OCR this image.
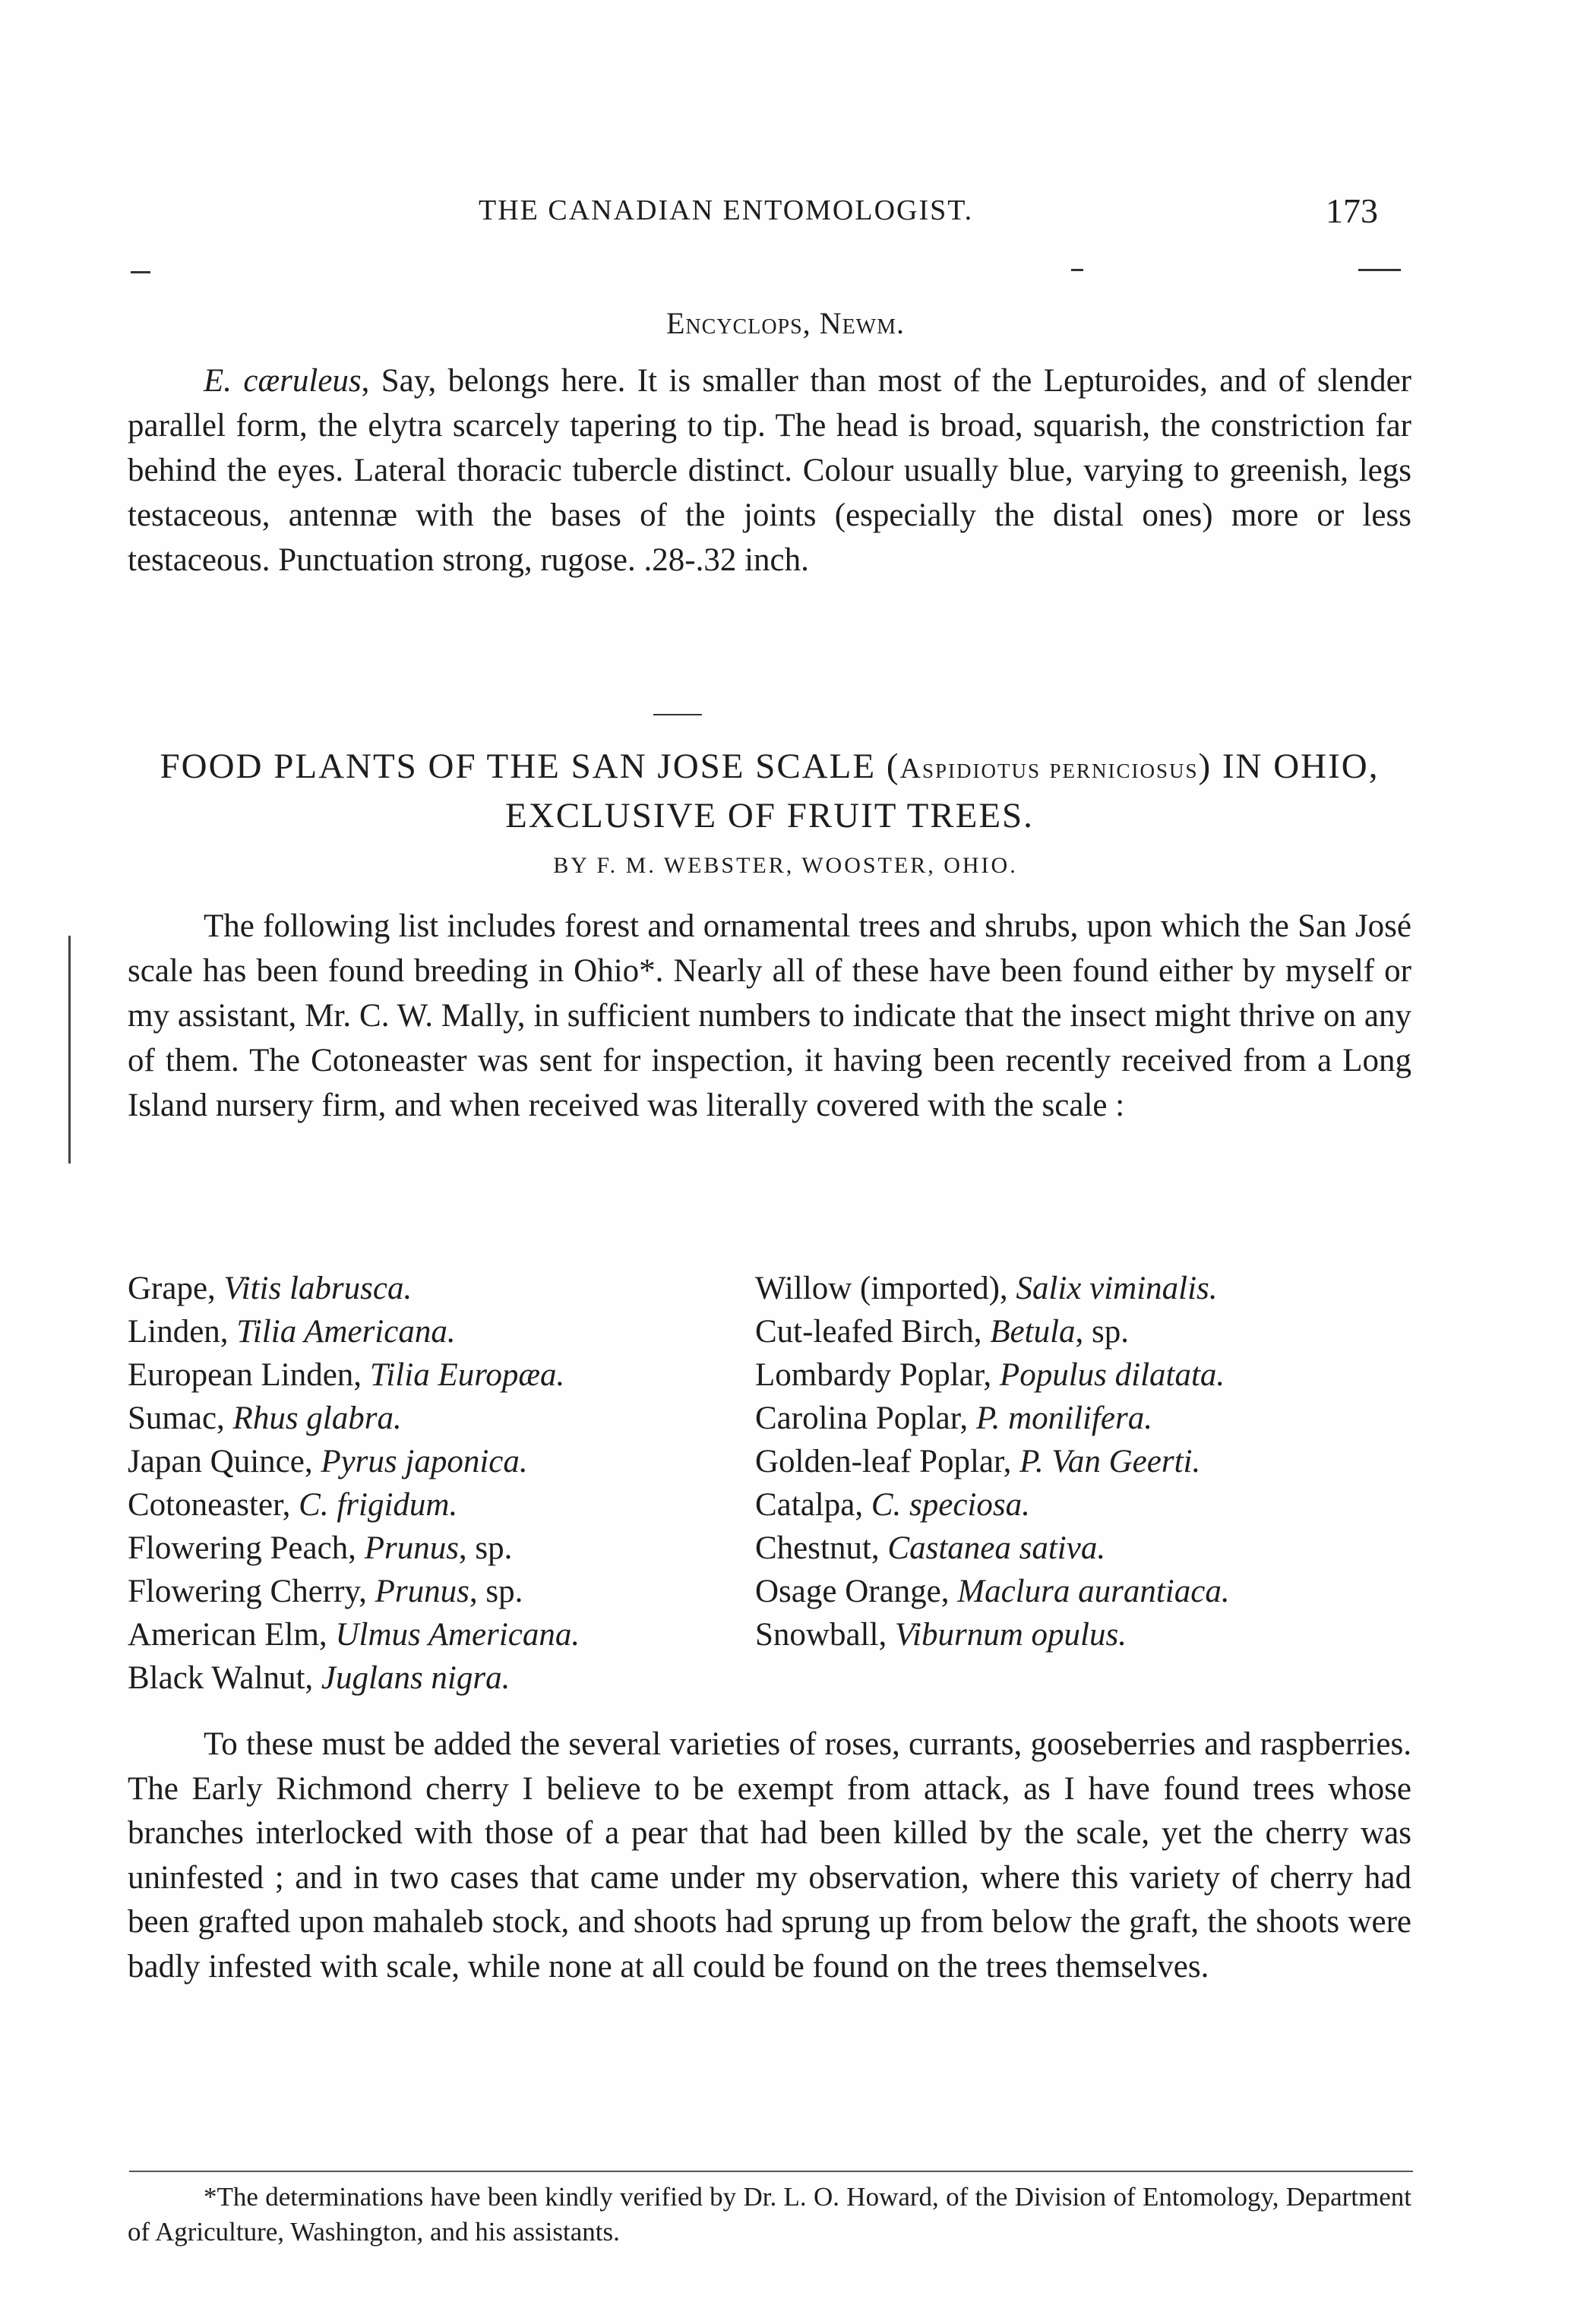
THE CANADIAN ENTOMOLOGIST.	173
Encyclops, Newm.

E. cæruleus, Say, belongs here. It is smaller than most of the Lepturoides, and of slender parallel form, the elytra scarcely tapering to tip. The head is broad, squarish, the constriction far behind the eyes. Lateral thoracic tubercle distinct. Colour usually blue, varying to greenish, legs testaceous, antennæ with the bases of the joints (especially the distal ones) more or less testaceous. Punctuation strong, rugose. .28-.32 inch.

FOOD PLANTS OF THE SAN JOSE SCALE (Aspidiotus perniciosus) IN OHIO, EXCLUSIVE OF FRUIT TREES.
BY F. M. WEBSTER, WOOSTER, OHIO.

The following list includes forest and ornamental trees and shrubs, upon which the San José scale has been found breeding in Ohio*. Nearly all of these have been found either by myself or my assistant, Mr. C. W. Mally, in sufficient numbers to indicate that the insect might thrive on any of them. The Cotoneaster was sent for inspection, it having been recently received from a Long Island nursery firm, and when received was literally covered with the scale :

Grape, Vitis labrusca.
Linden, Tilia Americana.
European Linden, Tilia Europæa.
Sumac, Rhus glabra.
Japan Quince, Pyrus japonica.
Cotoneaster, C. frigidum.
Flowering Peach, Prunus, sp.
Flowering Cherry, Prunus, sp.
American Elm, Ulmus Americana.
Black Walnut, Juglans nigra.
Willow (imported), Salix viminalis.
Cut-leafed Birch, Betula, sp.
Lombardy Poplar, Populus dilatata.
Carolina Poplar, P. monilifera.
Golden-leaf Poplar, P. Van Geerti.
Catalpa, C. speciosa.
Chestnut, Castanea sativa.
Osage Orange, Maclura aurantiaca.
Snowball, Viburnum opulus.

To these must be added the several varieties of roses, currants, gooseberries and raspberries. The Early Richmond cherry I believe to be exempt from attack, as I have found trees whose branches interlocked with those of a pear that had been killed by the scale, yet the cherry was uninfested ; and in two cases that came under my observation, where this variety of cherry had been grafted upon mahaleb stock, and shoots had sprung up from below the graft, the shoots were badly infested with scale, while none at all could be found on the trees themselves.

*The determinations have been kindly verified by Dr. L. O. Howard, of the Division of Entomology, Department of Agriculture, Washington, and his assistants.
